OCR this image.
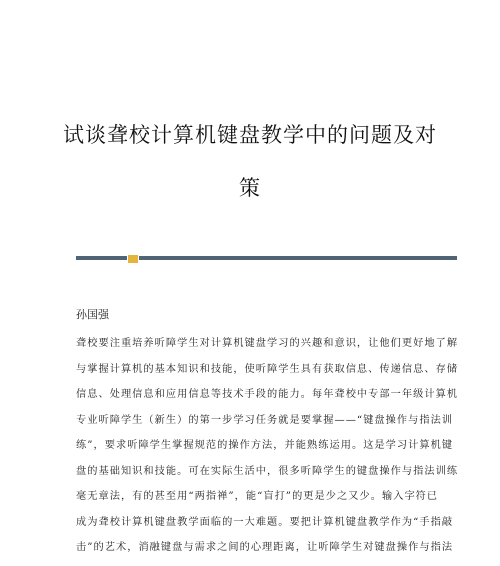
试谈聋校计算机键盘教学中的问题及对
策
孙国强
聋校要注重培养听障学生对计算机键盘学习的兴趣和意识，让他们更好地了解
与掌握计算机的基本知识和技能，使听障学生具有获取信息、传递信息、存储
信息、处理信息和应用信息等技术手段的能力。每年聋校中专部一年级计算机
专业听障学生（新生）的第一步学习任务就是要掌握——“键盘操作与指法训
练”，要求听障学生掌握规范的操作方法，并能熟练运用。这是学习计算机键
盘的基础知识和技能。可在实际生活中，很多听障学生的键盘操作与指法训练
毫无章法，有的甚至用“两指禅”，能“盲打”的更是少之又少。输入字符已
成为聋校计算机键盘教学面临的一大难题。要把计算机键盘教学作为“手指敲
击”的艺术，消融键盘与需求之间的心理距离，让听障学生对键盘操作与指法
